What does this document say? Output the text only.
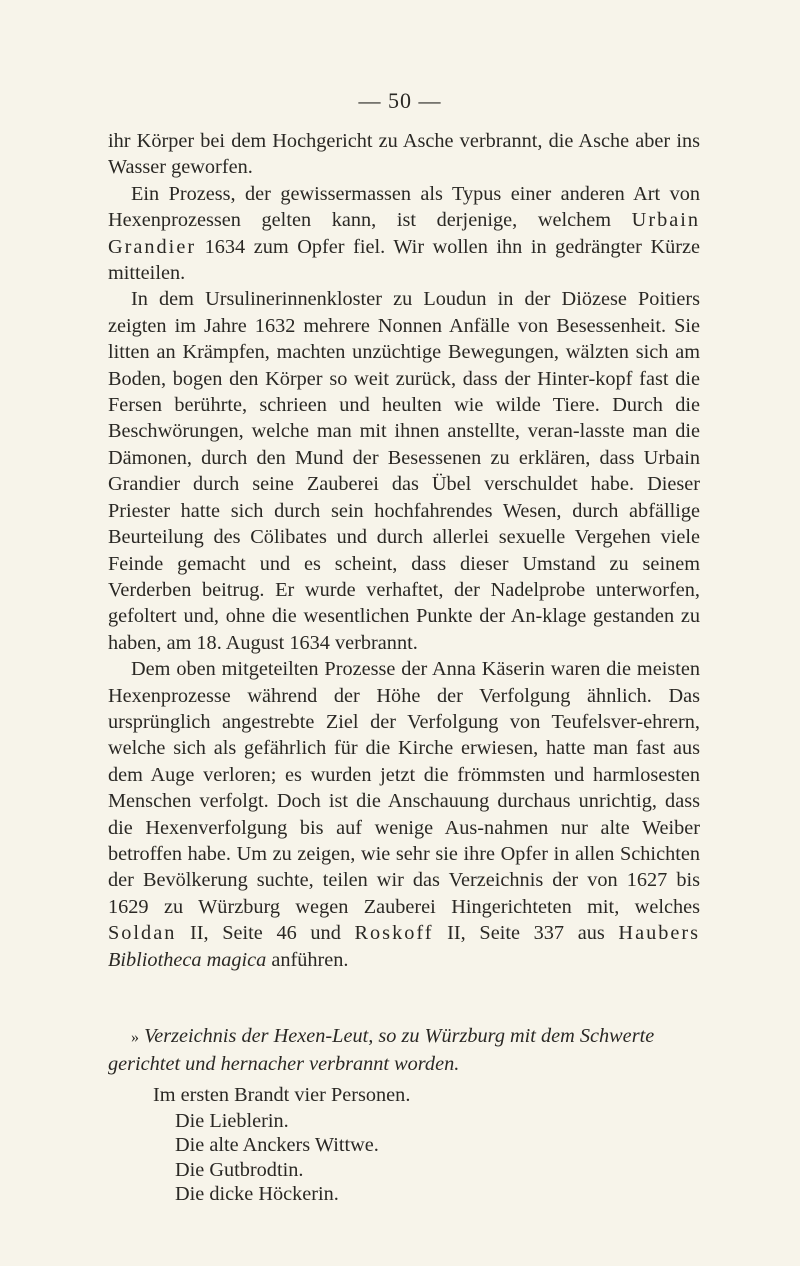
— 50 —

ihr Körper bei dem Hochgericht zu Asche verbrannt, die Asche aber ins Wasser geworfen.

Ein Prozess, der gewissermassen als Typus einer anderen Art von Hexenprozessen gelten kann, ist derjenige, welchem Urbain Grandier 1634 zum Opfer fiel. Wir wollen ihn in gedrängter Kürze mitteilen.

In dem Ursulinerinnenkloster zu Loudun in der Diözese Poitiers zeigten im Jahre 1632 mehrere Nonnen Anfälle von Besessenheit. Sie litten an Krämpfen, machten unzüchtige Bewegungen, wälzten sich am Boden, bogen den Körper so weit zurück, dass der Hinter-kopf fast die Fersen berührte, schrieen und heulten wie wilde Tiere. Durch die Beschwörungen, welche man mit ihnen anstellte, veran-lasste man die Dämonen, durch den Mund der Besessenen zu erklären, dass Urbain Grandier durch seine Zauberei das Übel verschuldet habe. Dieser Priester hatte sich durch sein hochfahrendes Wesen, durch abfällige Beurteilung des Cölibates und durch allerlei sexuelle Vergehen viele Feinde gemacht und es scheint, dass dieser Umstand zu seinem Verderben beitrug. Er wurde verhaftet, der Nadelprobe unterworfen, gefoltert und, ohne die wesentlichen Punkte der An-klage gestanden zu haben, am 18. August 1634 verbrannt.

Dem oben mitgeteilten Prozesse der Anna Käserin waren die meisten Hexenprozesse während der Höhe der Verfolgung ähnlich. Das ursprünglich angestrebte Ziel der Verfolgung von Teufelsver-ehrern, welche sich als gefährlich für die Kirche erwiesen, hatte man fast aus dem Auge verloren; es wurden jetzt die frömmsten und harmlosesten Menschen verfolgt. Doch ist die Anschauung durchaus unrichtig, dass die Hexenverfolgung bis auf wenige Aus-nahmen nur alte Weiber betroffen habe. Um zu zeigen, wie sehr sie ihre Opfer in allen Schichten der Bevölkerung suchte, teilen wir das Verzeichnis der von 1627 bis 1629 zu Würzburg wegen Zauberei Hingerichteten mit, welches Soldan II, Seite 46 und Roskoff II, Seite 337 aus Haubers Bibliotheca magica anführen.

» Verzeichnis der Hexen-Leut, so zu Würzburg mit dem Schwerte gerichtet und hernacher verbrannt worden.
Im ersten Brandt vier Personen.
Die Lieblerin.
Die alte Anckers Wittwe.
Die Gutbrodtin.
Die dicke Höckerin.
